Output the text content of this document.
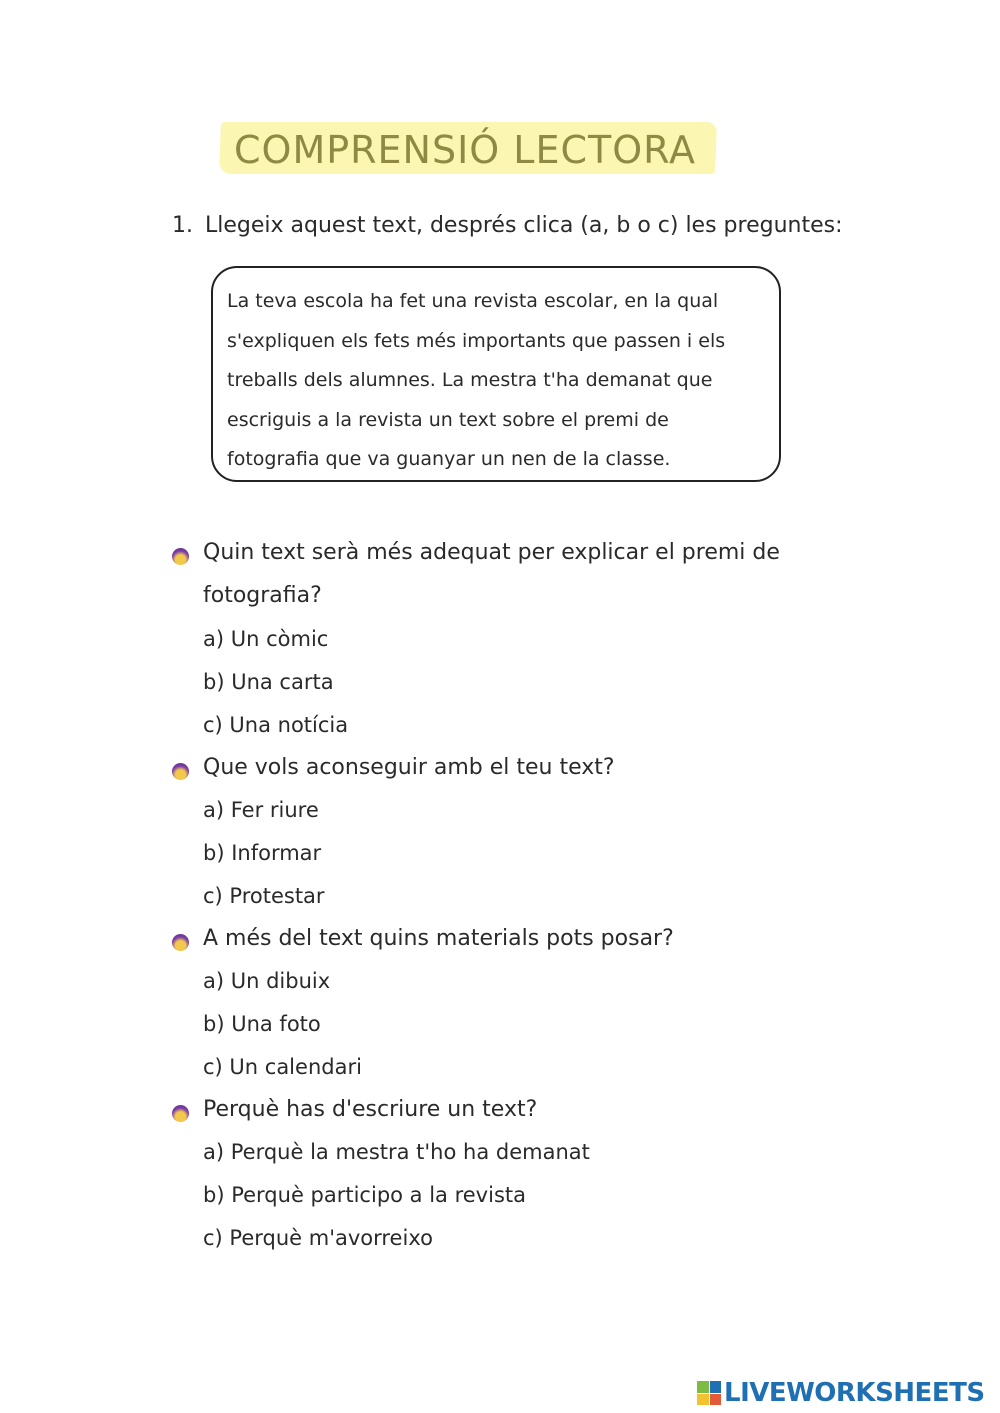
COMPRENSIÓ LECTORA
1. Llegeix aquest text, després clica (a, b o c) les preguntes:

La teva escola ha fet una revista escolar, en la qual

s'expliquen els fets més importants que passen i els

treballs dels alumnes. La mestra t'ha demanat que

escriguis a la revista un text sobre el premi de

fotografia que va guanyar un nen de la classe.

Quin text serà més adequat per explicar el premi de
fotografia?
a) Un còmic
b) Una carta
c) Una notícia
Que vols aconseguir amb el teu text?
a) Fer riure
b) Informar
c) Protestar
A més del text quins materials pots posar?
a) Un dibuix
b) Una foto
c) Un calendari
Perquè has d'escriure un text?
a) Perquè la mestra t'ho ha demanat
b) Perquè participo a la revista
c) Perquè m'avorreixo
LIVEWORKSHEETS
